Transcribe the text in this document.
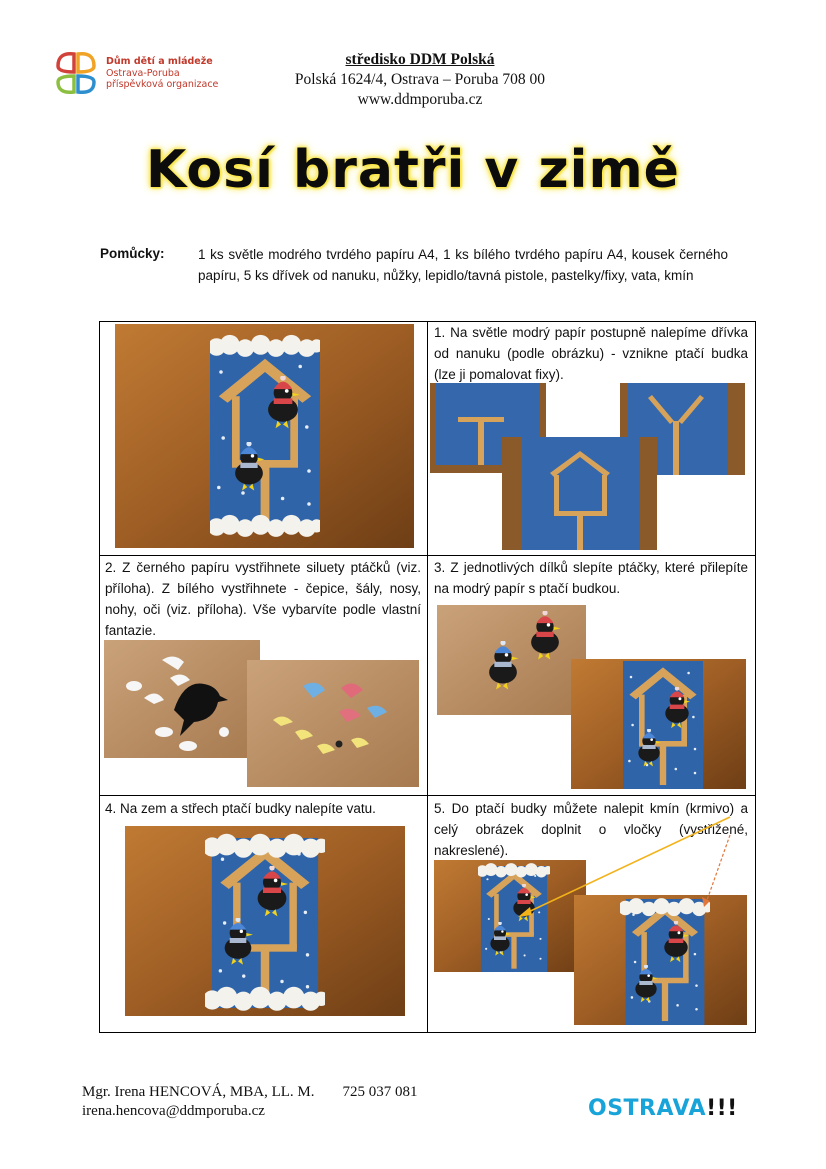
Dům dětí a mládeže
Ostrava-Poruba
příspěvková organizace
středisko DDM Polská
Polská 1624/4, Ostrava – Poruba 708 00
www.ddmporuba.cz
Kosí bratři v zimě
Pomůcky: 1 ks světle modrého tvrdého papíru A4, 1 ks bílého tvrdého papíru A4, kousek černého papíru, 5 ks dřívek od nanuku, nůžky, lepidlo/tavná pistole, pastelky/fixy, vata, kmín
1. Na světle modrý papír postupně nalepíme dřívka od nanuku (podle obrázku) - vznikne ptačí budka (lze ji pomalovat fixy).
2. Z černého papíru vystřihnete siluety ptáčků (viz. příloha). Z bílého vystřihnete - čepice, šály, nosy, nohy, oči (viz. příloha). Vše vybarvíte podle vlastní fantazie.
3. Z jednotlivých dílků slepíte ptáčky, které přilepíte na modrý papír s ptačí budkou.
4. Na zem a střech ptačí budky nalepíte vatu.	5. Do ptačí budky můžete nalepit kmín (krmivo) a celý obrázek doplnit o vločky (vystřižené, nakreslené).
Mgr. Irena HENCOVÁ, MBA, LL. M. 725 037 081
irena.hencova@ddmporuba.cz	OSTRAVA!!!
